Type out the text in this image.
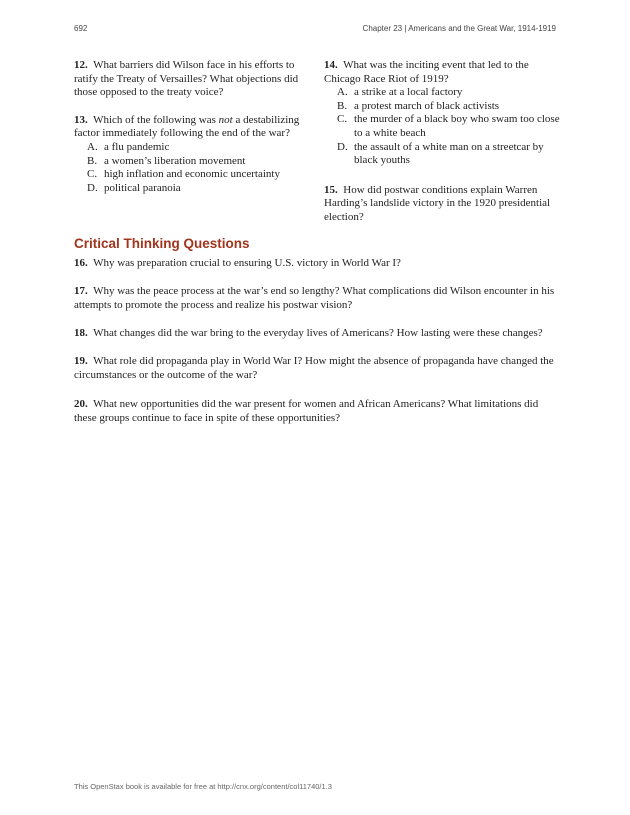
692	Chapter 23 | Americans and the Great War, 1914-1919

12. What barriers did Wilson face in his efforts to ratify the Treaty of Versailles? What objections did those opposed to the treaty voice?

13. Which of the following was not a destabilizing factor immediately following the end of the war?

A. a flu pandemic
B. a women’s liberation movement
C. high inflation and economic uncertainty
D. political paranoia

14. What was the inciting event that led to the Chicago Race Riot of 1919?

A. a strike at a local factory
B. a protest march of black activists
C. the murder of a black boy who swam too close to a white beach
D. the assault of a white man on a streetcar by black youths

15. How did postwar conditions explain Warren Harding’s landslide victory in the 1920 presidential election?

Critical Thinking Questions
16. Why was preparation crucial to ensuring U.S. victory in World War I?
17. Why was the peace process at the war’s end so lengthy? What complications did Wilson encounter in his attempts to promote the process and realize his postwar vision?
18. What changes did the war bring to the everyday lives of Americans? How lasting were these changes?
19. What role did propaganda play in World War I? How might the absence of propaganda have changed the circumstances or the outcome of the war?
20. What new opportunities did the war present for women and African Americans? What limitations did these groups continue to face in spite of these opportunities?
This OpenStax book is available for free at http://cnx.org/content/col11740/1.3
